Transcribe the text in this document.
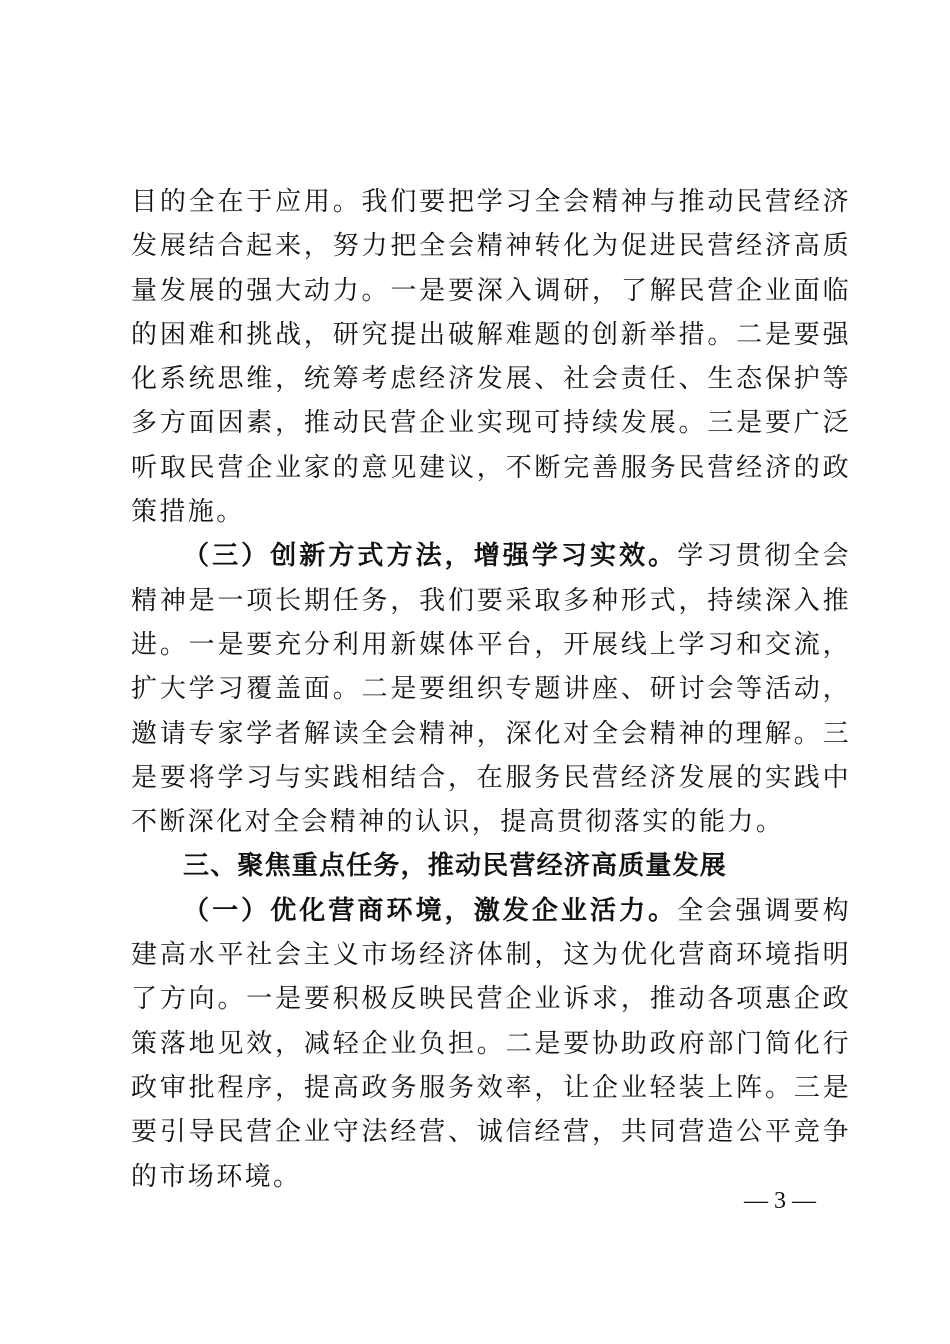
目的全在于应用。我们要把学习全会精神与推动民营经济发展结合起来，努力把全会精神转化为促进民营经济高质量发展的强大动力。一是要深入调研，了解民营企业面临的困难和挑战，研究提出破解难题的创新举措。二是要强化系统思维，统筹考虑经济发展、社会责任、生态保护等多方面因素，推动民营企业实现可持续发展。三是要广泛听取民营企业家的意见建议，不断完善服务民营经济的政策措施。

（三）创新方式方法，增强学习实效。学习贯彻全会精神是一项长期任务，我们要采取多种形式，持续深入推进。一是要充分利用新媒体平台，开展线上学习和交流，扩大学习覆盖面。二是要组织专题讲座、研讨会等活动，邀请专家学者解读全会精神，深化对全会精神的理解。三是要将学习与实践相结合，在服务民营经济发展的实践中不断深化对全会精神的认识，提高贯彻落实的能力。

三、聚焦重点任务，推动民营经济高质量发展

（一）优化营商环境，激发企业活力。全会强调要构建高水平社会主义市场经济体制，这为优化营商环境指明了方向。一是要积极反映民营企业诉求，推动各项惠企政策落地见效，减轻企业负担。二是要协助政府部门简化行政审批程序，提高政务服务效率，让企业轻装上阵。三是要引导民营企业守法经营、诚信经营，共同营造公平竞争的市场环境。

— 3 —
